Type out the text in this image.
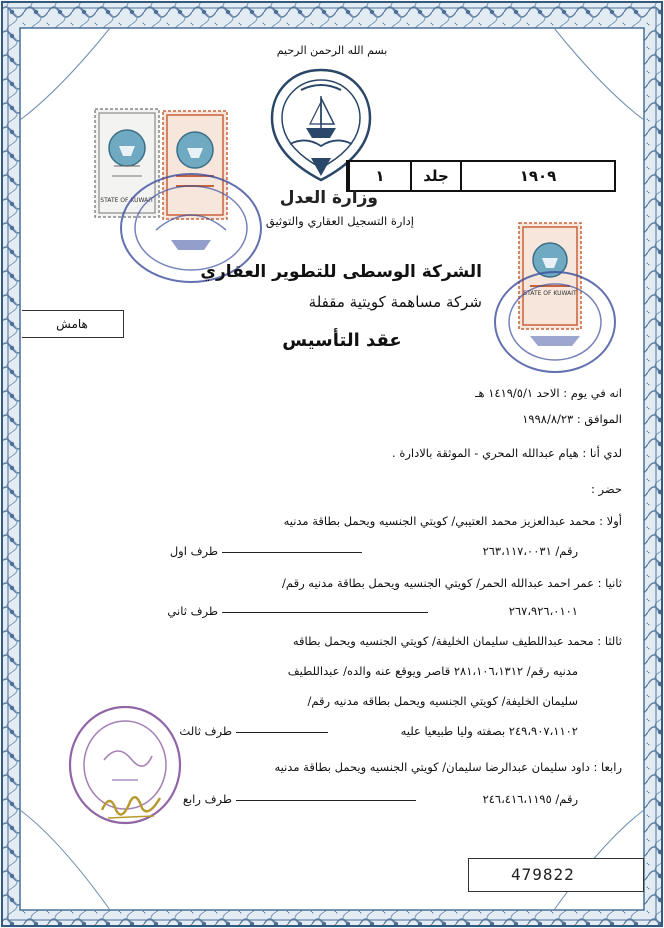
بسم الله الرحمن الرحيم
STATE OF KUWAIT
١	جلد	١٩٠٩
وزارة العدل
إدارة التسجيل العقاري والتوثيق
STATE OF KUWAIT
هامش
الشركة الوسطى للتطوير العقاري
شركة مساهمة كويتية مقفلة
عقد التأسيس
انه في يوم : الاحد ١٤١٩/٥/١ هـ
الموافق : ١٩٩٨/٨/٢٣
لدي أنا : هيام عبدالله المحري - الموثقة بالادارة .
حضر :
أولا : محمد عبدالعزيز محمد العتيبي/ كويتي الجنسيه ويحمل بطاقة مدنيه
رقم/ ٢٦٣،١١٧،٠٠٣١
طرف اول
ثانيا : عمر احمد عبدالله الحمر/ كويتي الجنسيه ويحمل بطاقة مدنيه رقم/
٢٦٧،٩٢٦،٠١٠١
طرف ثاني
ثالثا : محمد عبداللطيف سليمان الخليفة/ كويتي الجنسيه ويحمل بطاقه
مدنيه رقم/ ٢٨١،١٠٦،١٣١٢ قاصر ويوقع عنه والده/ عبداللطيف
سليمان الخليفة/ كويتي الجنسيه ويحمل بطاقه مدنيه رقم/
٢٤٩،٩٠٧،١١٠٢ بصفته وليا طبيعيا عليه
طرف ثالث
رابعا : داود سليمان عبدالرضا سليمان/ كويتي الجنسيه ويحمل بطاقة مدنيه
رقم/ ٢٤٦،٤١٦،١١٩٥
طرف رابع
479822
